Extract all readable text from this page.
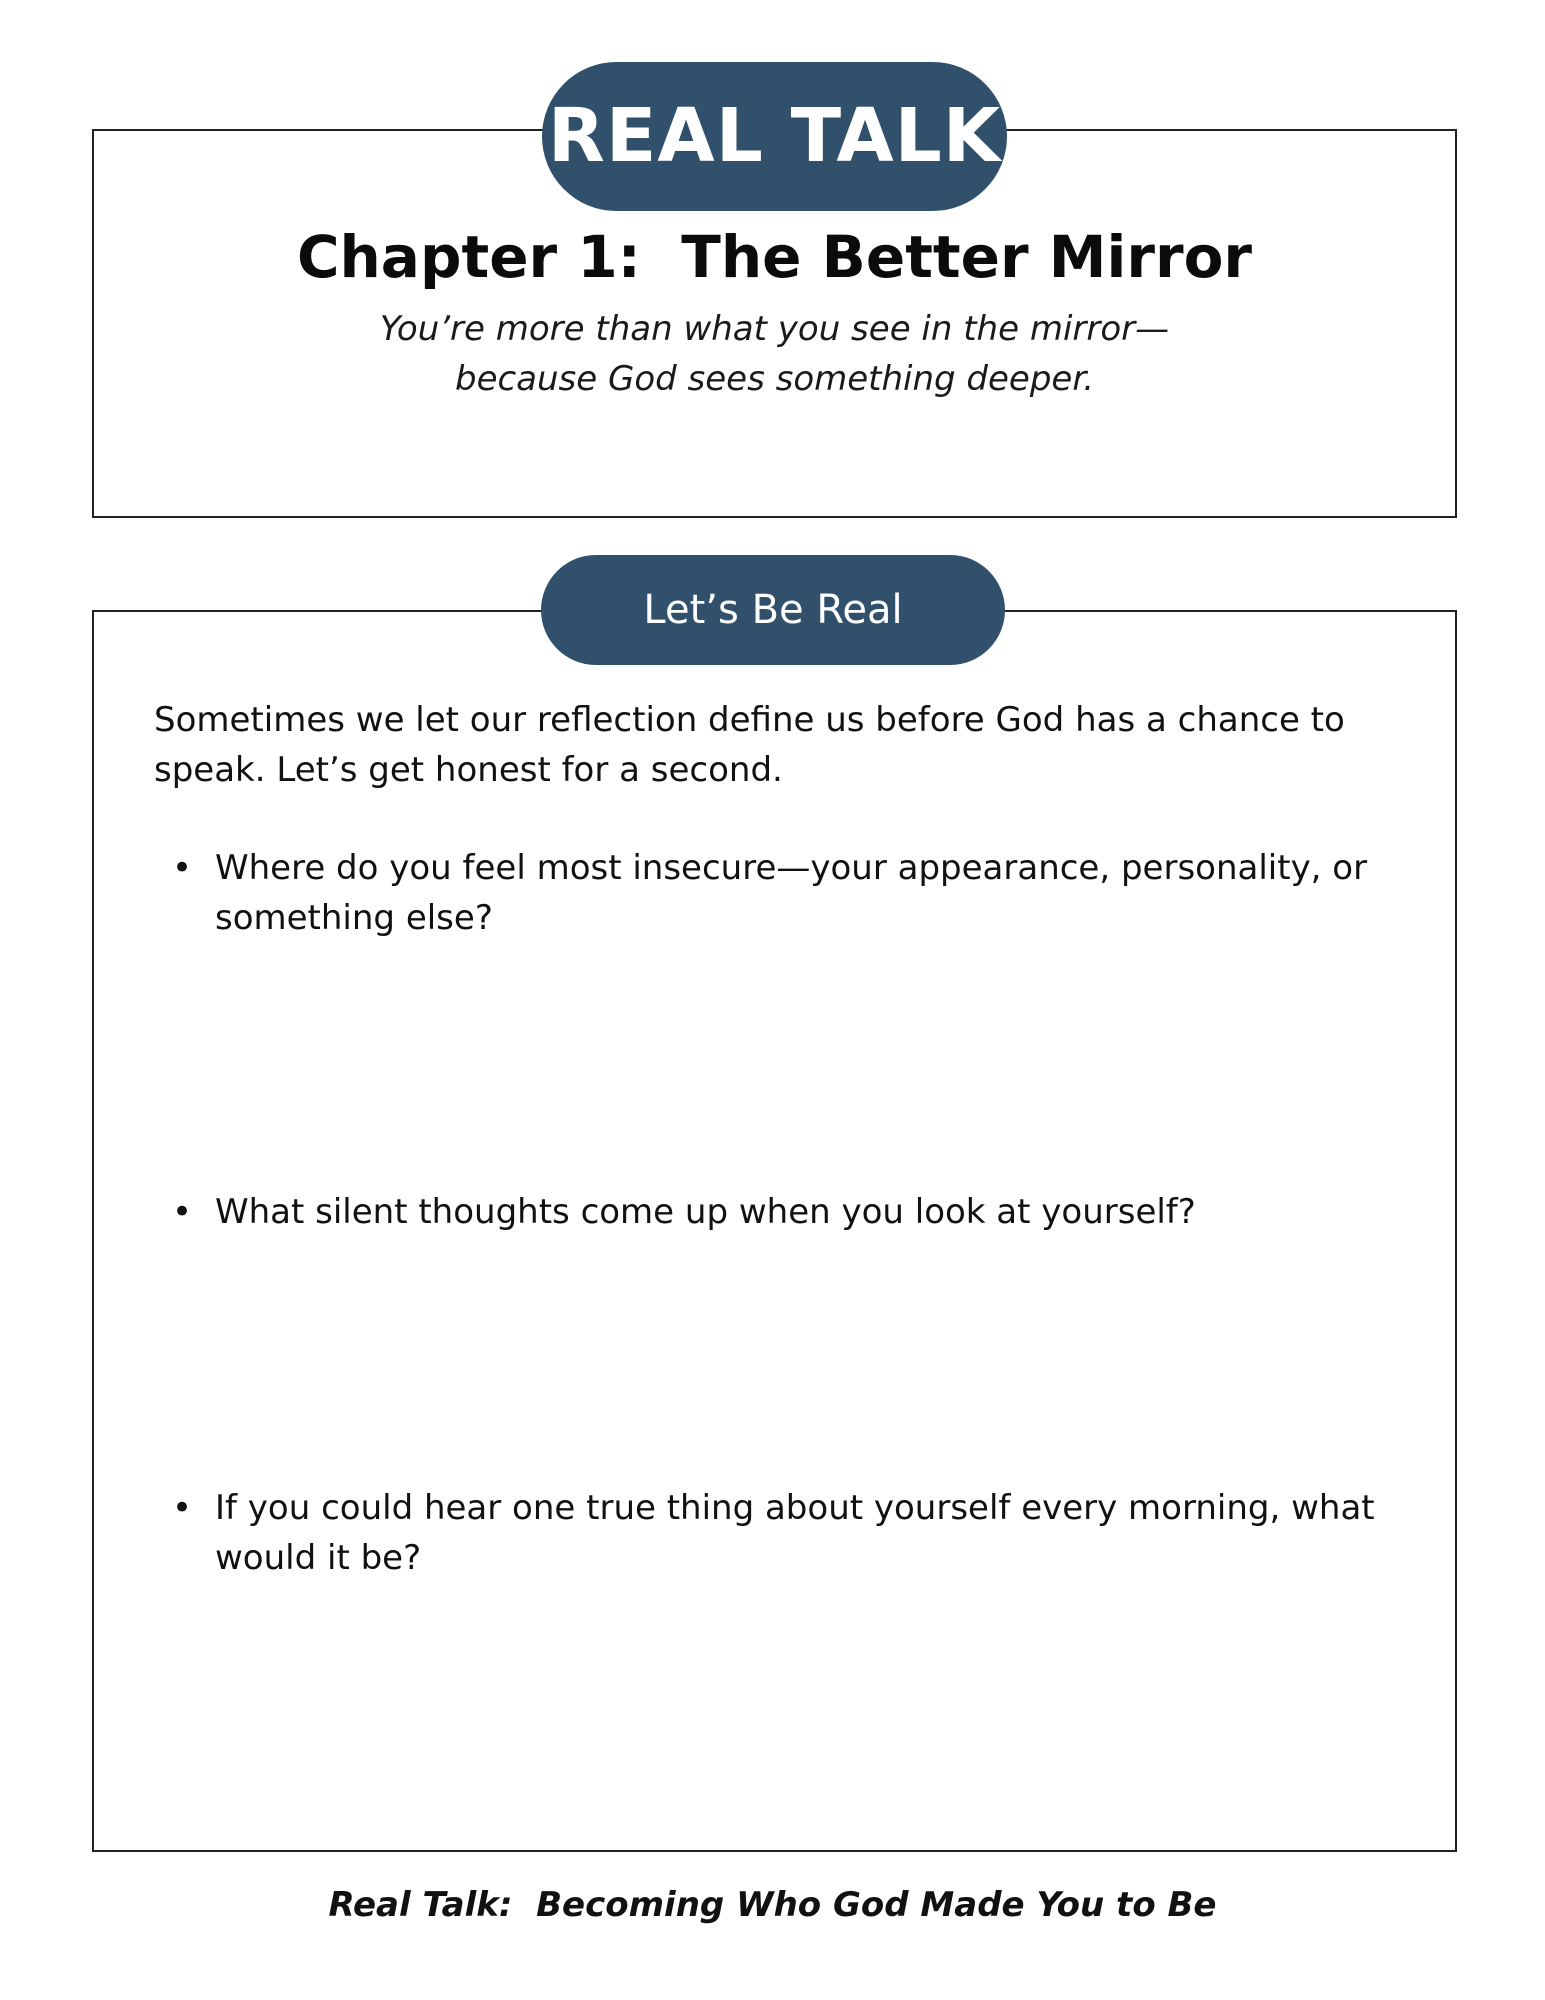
REAL TALK
Chapter 1:  The Better Mirror
You’re more than what you see in the mirror—
because God sees something deeper.
Let’s Be Real
Sometimes we let our reflection define us before God has a chance to
speak. Let’s get honest for a second.
• Where do you feel most insecure—your appearance, personality, or
something else?
• What silent thoughts come up when you look at yourself?
• If you could hear one true thing about yourself every morning, what
would it be?
Real Talk:  Becoming Who God Made You to Be
